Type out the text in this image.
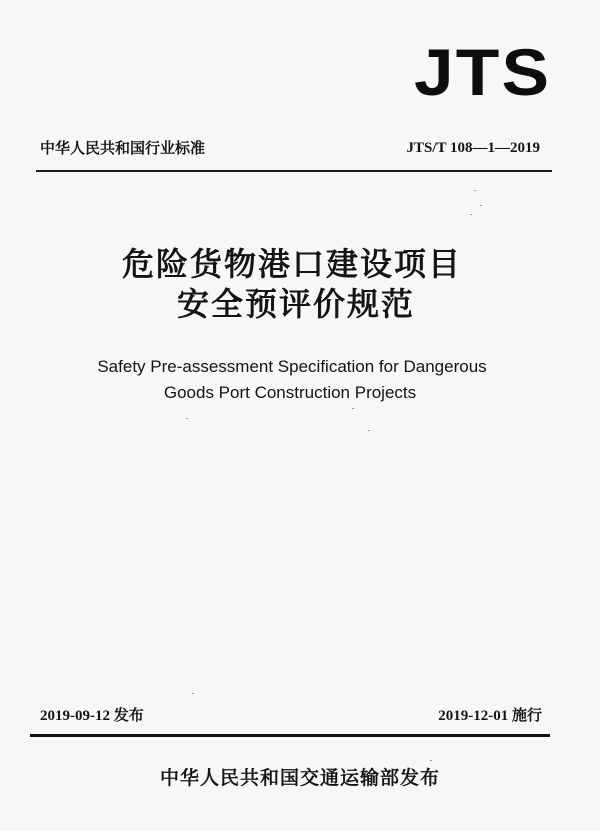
JTS
中华人民共和国行业标准	JTS/T 108—1—2019
危险货物港口建设项目
安全预评价规范
Safety Pre-assessment Specification for Dangerous
Goods Port Construction Projects
2019-09-12 发布	2019-12-01 施行
中华人民共和国交通运输部发布
